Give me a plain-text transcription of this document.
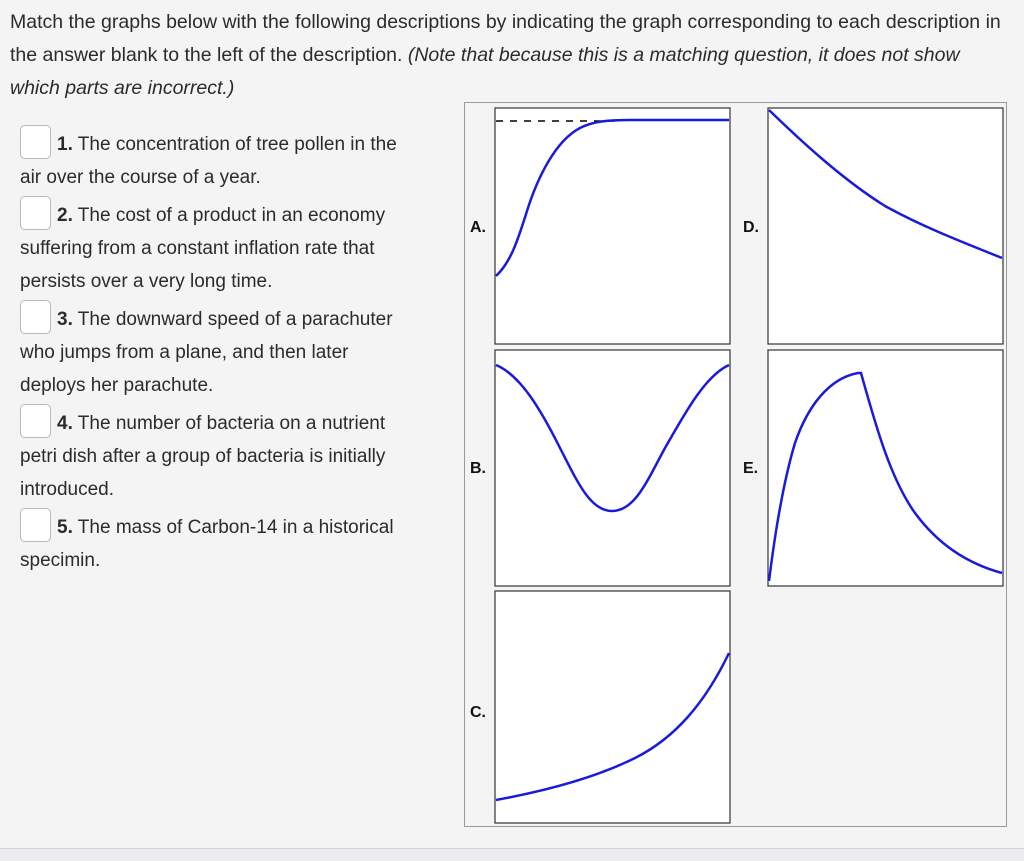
Match the graphs below with the following descriptions by indicating the graph corresponding to each description in the answer blank to the left of the description. (Note that because this is a matching question, it does not show which parts are incorrect.)
1. The concentration of tree pollen in the air over the course of a year.
2. The cost of a product in an economy suffering from a constant inflation rate that persists over a very long time.
3. The downward speed of a parachuter who jumps from a plane, and then later deploys her parachute.
4. The number of bacteria on a nutrient petri dish after a group of bacteria is initially introduced.
5. The mass of Carbon-14 in a historical specimin.
A.	D.
B.	E.
C.
